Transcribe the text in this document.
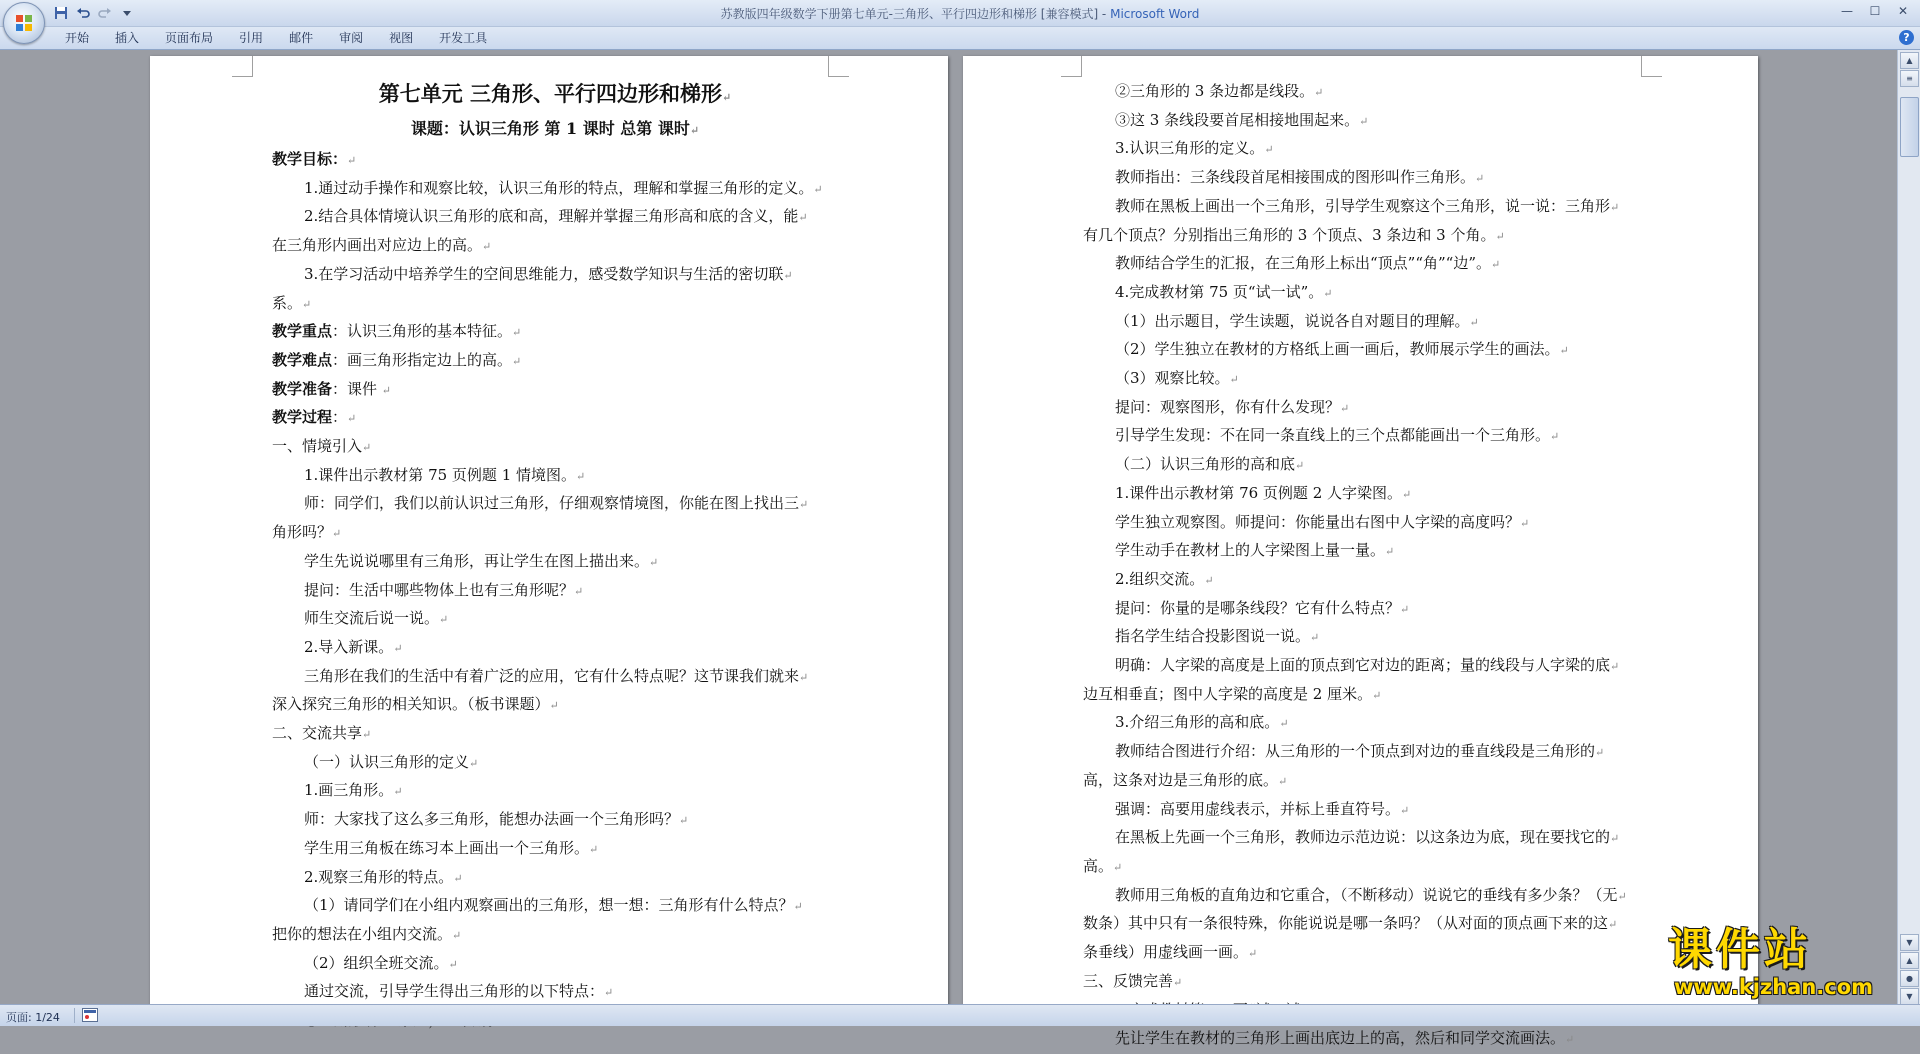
苏教版四年级数学下册第七单元-三角形、平行四边形和梯形 [兼容模式] - Microsoft Word	—	☐	✕
开始	插入	页面布局	引用	邮件	审阅	视图	开发工具	?
第七单元 三角形、平行四边形和梯形↵
课题：认识三角形 第 1 课时 总第 课时↵
教学目标：↵
1.通过动手操作和观察比较，认识三角形的特点，理解和掌握三角形的定义。↵
2.结合具体情境认识三角形的底和高，理解并掌握三角形高和底的含义，能↵
在三角形内画出对应边上的高。↵
3.在学习活动中培养学生的空间思维能力，感受数学知识与生活的密切联↵
系。↵
教学重点：认识三角形的基本特征。↵
教学难点：画三角形指定边上的高。↵
教学准备：课件 ↵
教学过程：↵
一、情境引入↵
1.课件出示教材第 75 页例题 1 情境图。↵
师：同学们，我们以前认识过三角形，仔细观察情境图，你能在图上找出三↵
角形吗？↵
学生先说说哪里有三角形，再让学生在图上描出来。↵
提问：生活中哪些物体上也有三角形呢？↵
师生交流后说一说。↵
2.导入新课。↵
三角形在我们的生活中有着广泛的应用，它有什么特点呢？这节课我们就来↵
深入探究三角形的相关知识。（板书课题）↵
二、交流共享↵
（一）认识三角形的定义↵
1.画三角形。↵
师：大家找了这么多三角形，能想办法画一个三角形吗？↵
学生用三角板在练习本上画出一个三角形。↵
2.观察三角形的特点。↵
（1）请同学们在小组内观察画出的三角形，想一想：三角形有什么特点？↵
把你的想法在小组内交流。↵
（2）组织全班交流。↵
通过交流，引导学生得出三角形的以下特点：↵
②三角形的 3 条边都是线段。↵
③这 3 条线段要首尾相接地围起来。↵
3.认识三角形的定义。↵
教师指出：三条线段首尾相接围成的图形叫作三角形。↵
教师在黑板上画出一个三角形，引导学生观察这个三角形，说一说：三角形↵
有几个顶点？分别指出三角形的 3 个顶点、3 条边和 3 个角。↵
教师结合学生的汇报，在三角形上标出“顶点”“角”“边”。↵
4.完成教材第 75 页“试一试”。↵
（1）出示题目，学生读题，说说各自对题目的理解。↵
（2）学生独立在教材的方格纸上画一画后，教师展示学生的画法。↵
（3）观察比较。↵
提问：观察图形，你有什么发现？↵
引导学生发现：不在同一条直线上的三个点都能画出一个三角形。↵
（二）认识三角形的高和底↵
1.课件出示教材第 76 页例题 2 人字梁图。↵
学生独立观察图。师提问：你能量出右图中人字梁的高度吗？↵
学生动手在教材上的人字梁图上量一量。↵
2.组织交流。↵
提问：你量的是哪条线段？它有什么特点？↵
指名学生结合投影图说一说。↵
明确：人字梁的高度是上面的顶点到它对边的距离；量的线段与人字梁的底↵
边互相垂直；图中人字梁的高度是 2 厘米。↵
3.介绍三角形的高和底。↵
教师结合图进行介绍：从三角形的一个顶点到对边的垂直线段是三角形的↵
高，这条对边是三角形的底。↵
强调：高要用虚线表示，并标上垂直符号。↵
在黑板上先画一个三角形，教师边示范边说：以这条边为底，现在要找它的↵
高。↵
教师用三角板的直角边和它重合，（不断移动）说说它的垂线有多少条？（无↵
数条）其中只有一条很特殊，你能说说是哪一条吗？（从对面的顶点画下来的这↵
条垂线）用虚线画一画。↵
三、反馈完善↵
先让学生在教材的三角形上画出底边上的高，然后和同学交流画法。↵
▲
≡
▼
▲
●
▼
页面: 1/24
课件站
www.kjzhan.com
